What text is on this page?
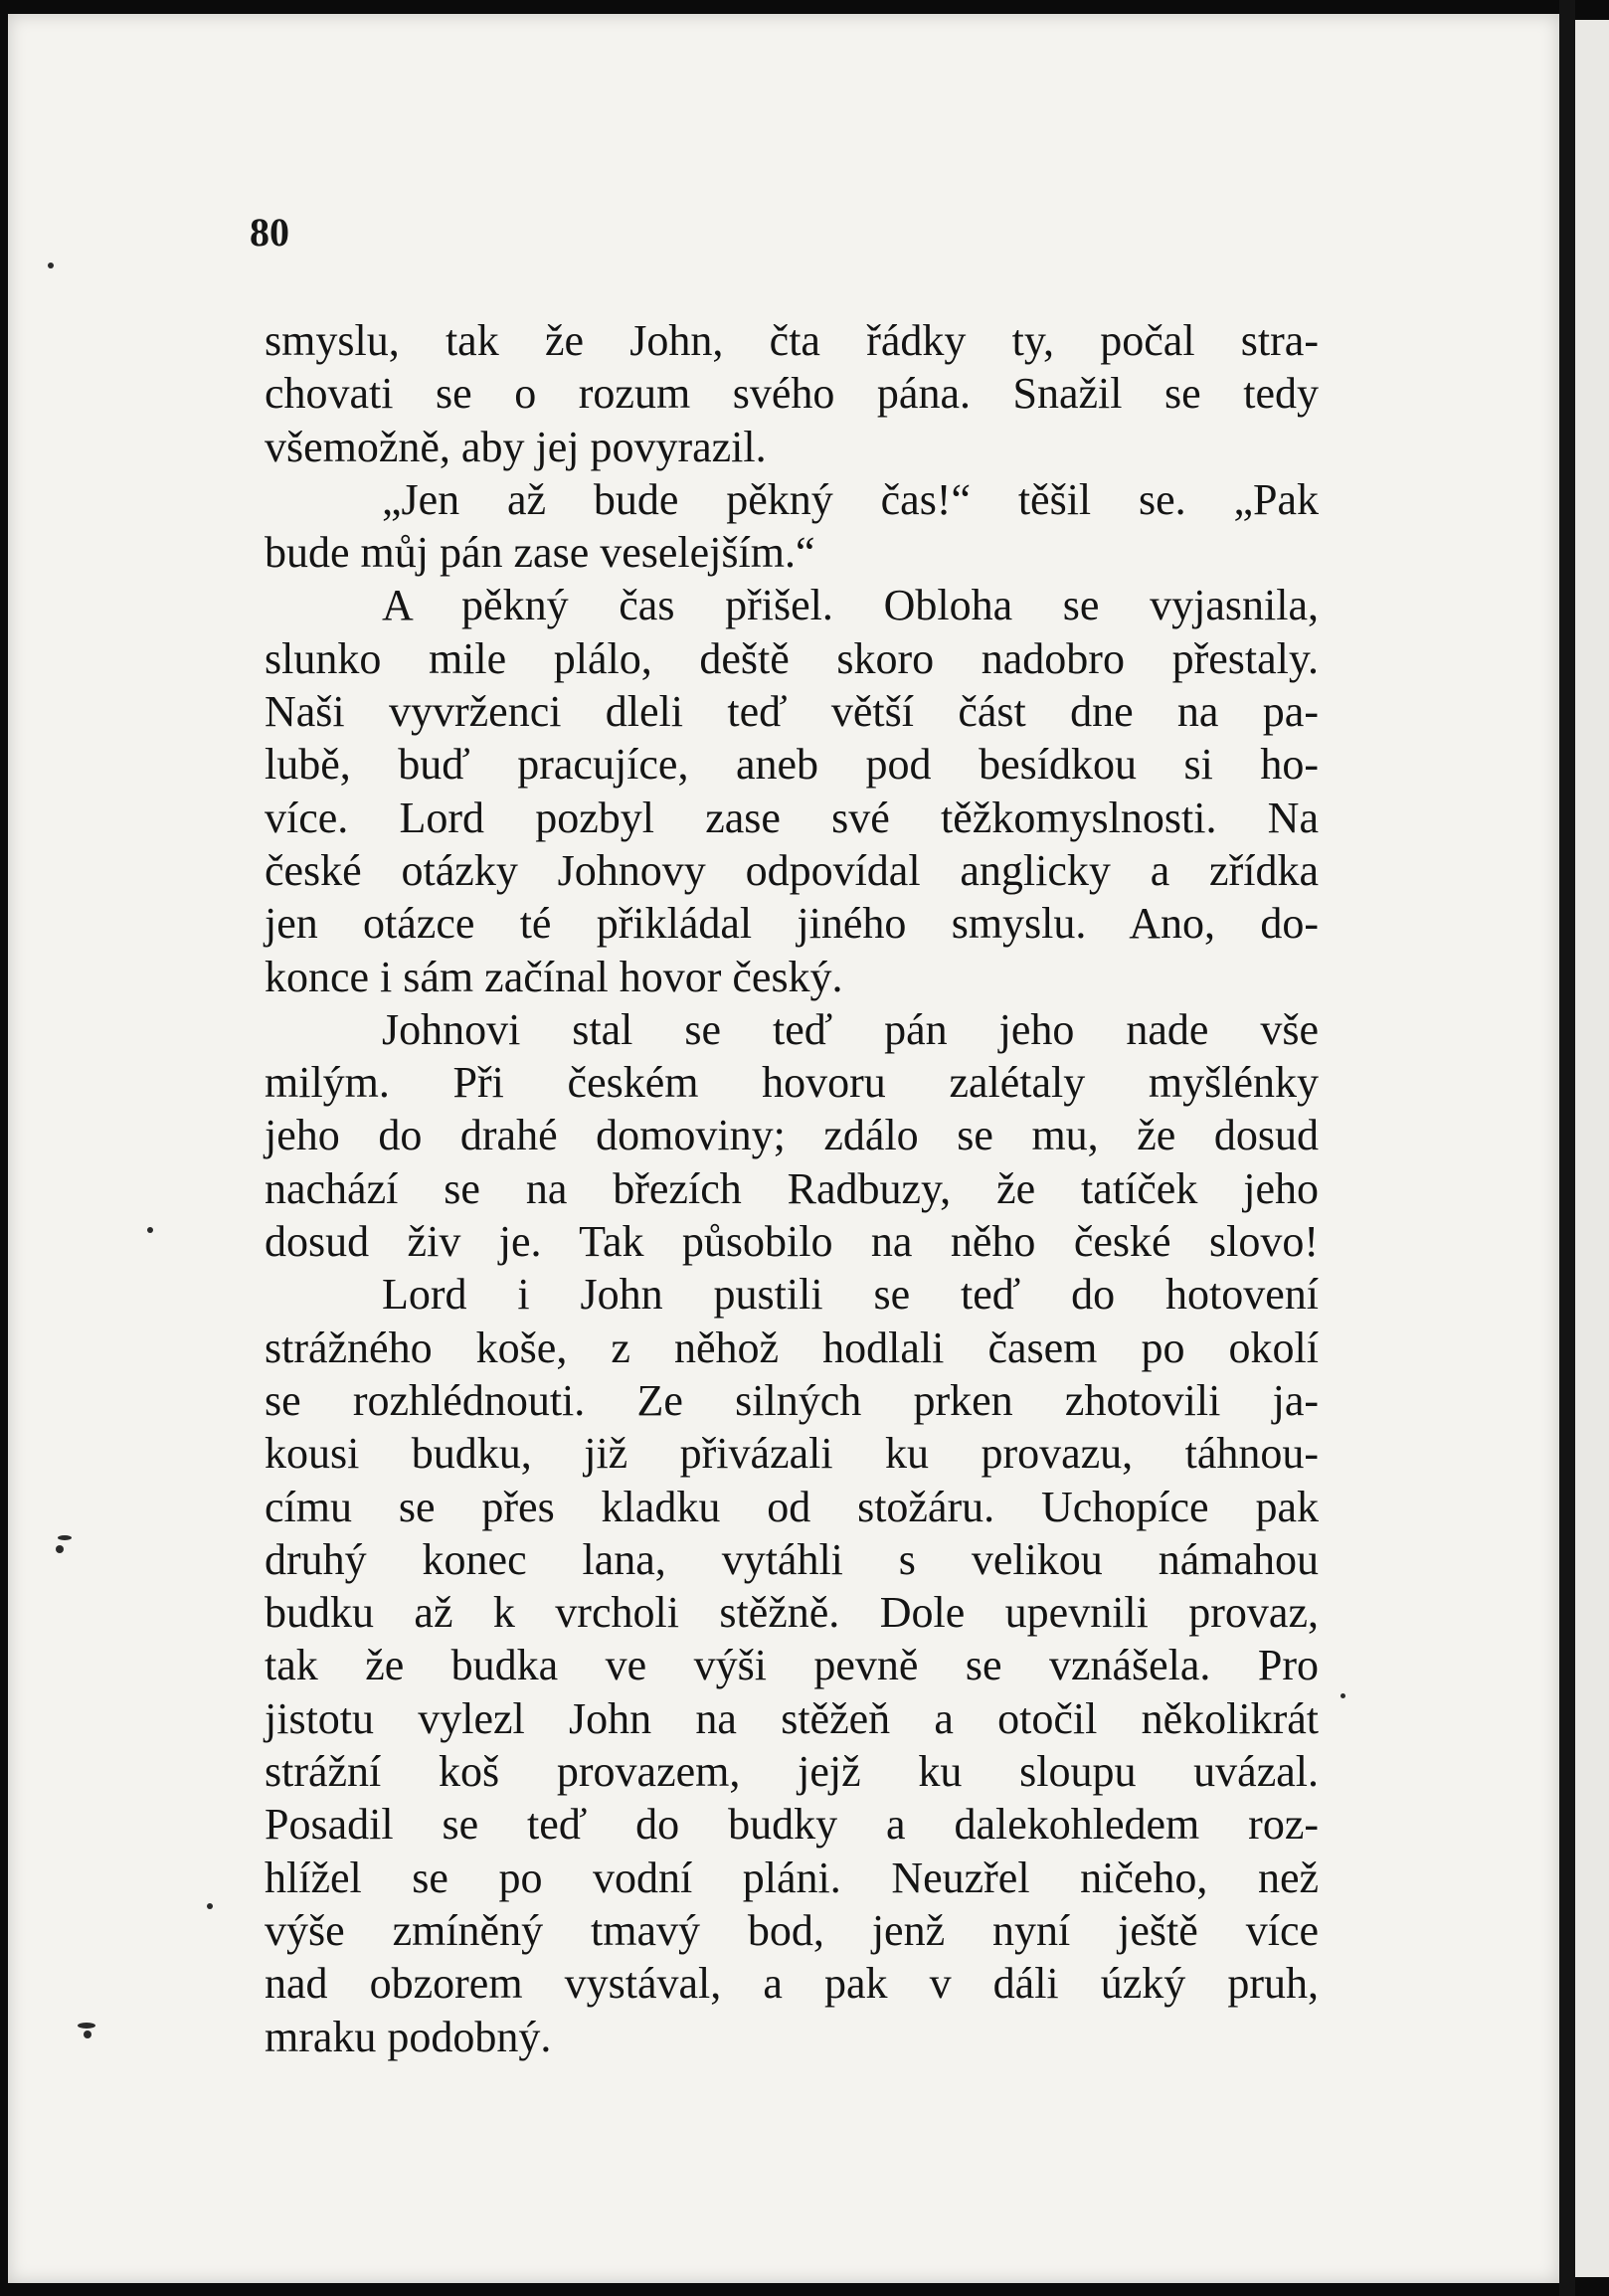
80
smyslu, tak že John, čta řádky ty, počal stra-
chovati se o rozum svého pána. Snažil se tedy
všemožně, aby jej povyrazil.
„Jen až bude pěkný čas!“ těšil se. „Pak
bude můj pán zase veselejším.“
A pěkný čas přišel. Obloha se vyjasnila,
slunko mile plálo, deště skoro nadobro přestaly.
Naši vyvrženci dleli teď větší část dne na pa-
lubě, buď pracujíce, aneb pod besídkou si ho-
více. Lord pozbyl zase své těžkomyslnosti. Na
české otázky Johnovy odpovídal anglicky a zřídka
jen otázce té přikládal jiného smyslu. Ano, do-
konce i sám začínal hovor český.
Johnovi stal se teď pán jeho nade vše
milým. Při českém hovoru zalétaly myšlénky
jeho do drahé domoviny; zdálo se mu, že dosud
nachází se na březích Radbuzy, že tatíček jeho
dosud živ je. Tak působilo na něho české slovo!
Lord i John pustili se teď do hotovení
strážného koše, z něhož hodlali časem po okolí
se rozhlédnouti. Ze silných prken zhotovili ja-
kousi budku, již přivázali ku provazu, táhnou-
címu se přes kladku od stožáru. Uchopíce pak
druhý konec lana, vytáhli s velikou námahou
budku až k vrcholi stěžně. Dole upevnili provaz,
tak že budka ve výši pevně se vznášela. Pro
jistotu vylezl John na stěžeň a otočil několikrát
strážní koš provazem, jejž ku sloupu uvázal.
Posadil se teď do budky a dalekohledem roz-
hlížel se po vodní pláni. Neuzřel ničeho, než
výše zmíněný tmavý bod, jenž nyní ještě více
nad obzorem vystával, a pak v dáli úzký pruh,
mraku podobný.
